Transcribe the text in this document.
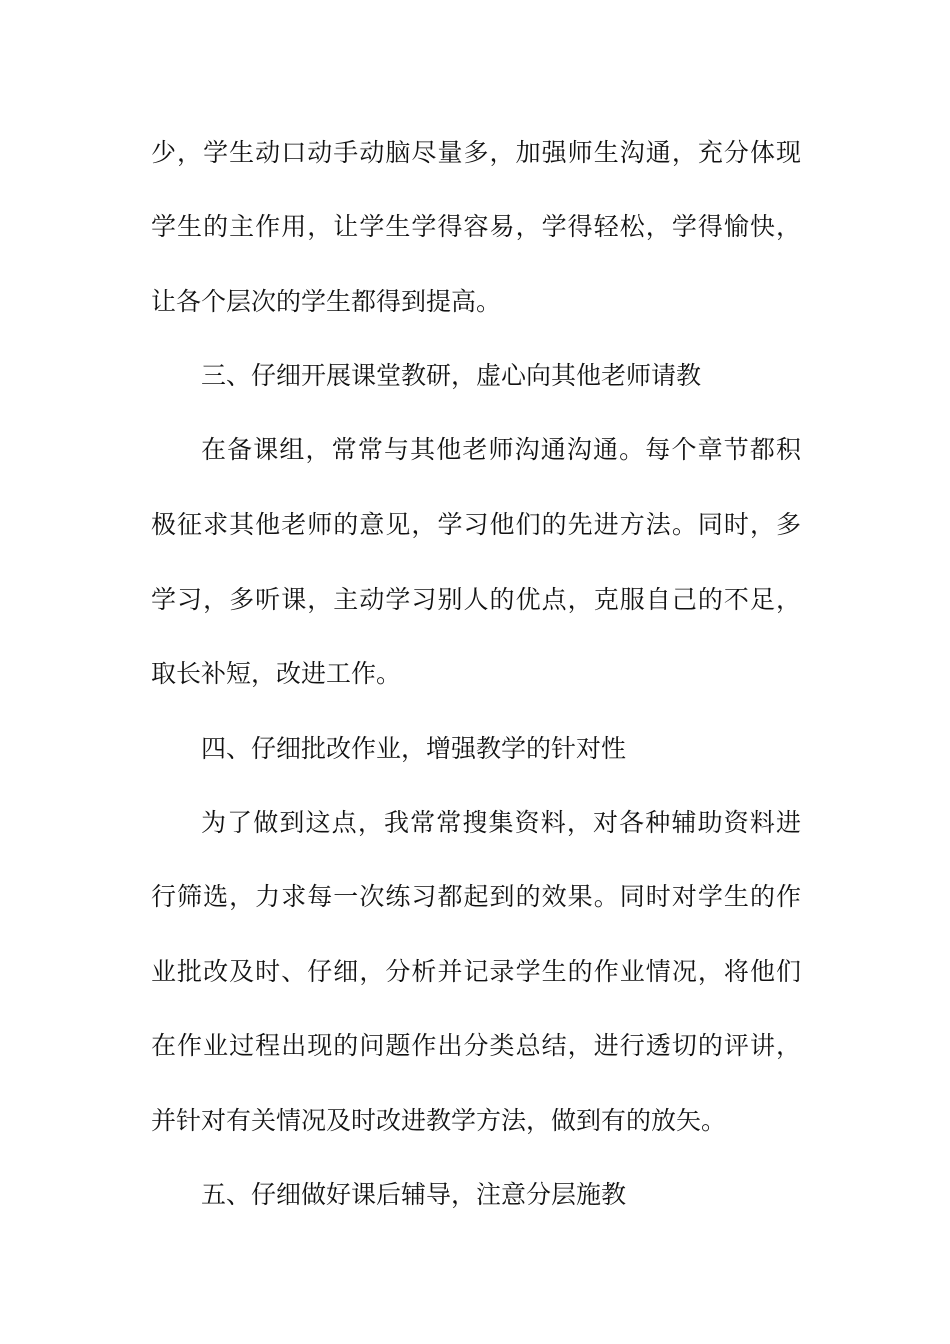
少，学生动口动手动脑尽量多，加强师生沟通，充分体现
学生的主作用，让学生学得容易，学得轻松，学得愉快，
让各个层次的学生都得到提高。
三、仔细开展课堂教研，虚心向其他老师请教
在备课组，常常与其他老师沟通沟通。每个章节都积
极征求其他老师的意见，学习他们的先进方法。同时，多
学习，多听课，主动学习别人的优点，克服自己的不足，
取长补短，改进工作。
四、仔细批改作业，增强教学的针对性
为了做到这点，我常常搜集资料，对各种辅助资料进
行筛选，力求每一次练习都起到的效果。同时对学生的作
业批改及时、仔细，分析并记录学生的作业情况，将他们
在作业过程出现的问题作出分类总结，进行透切的评讲，
并针对有关情况及时改进教学方法，做到有的放矢。
五、仔细做好课后辅导，注意分层施教
